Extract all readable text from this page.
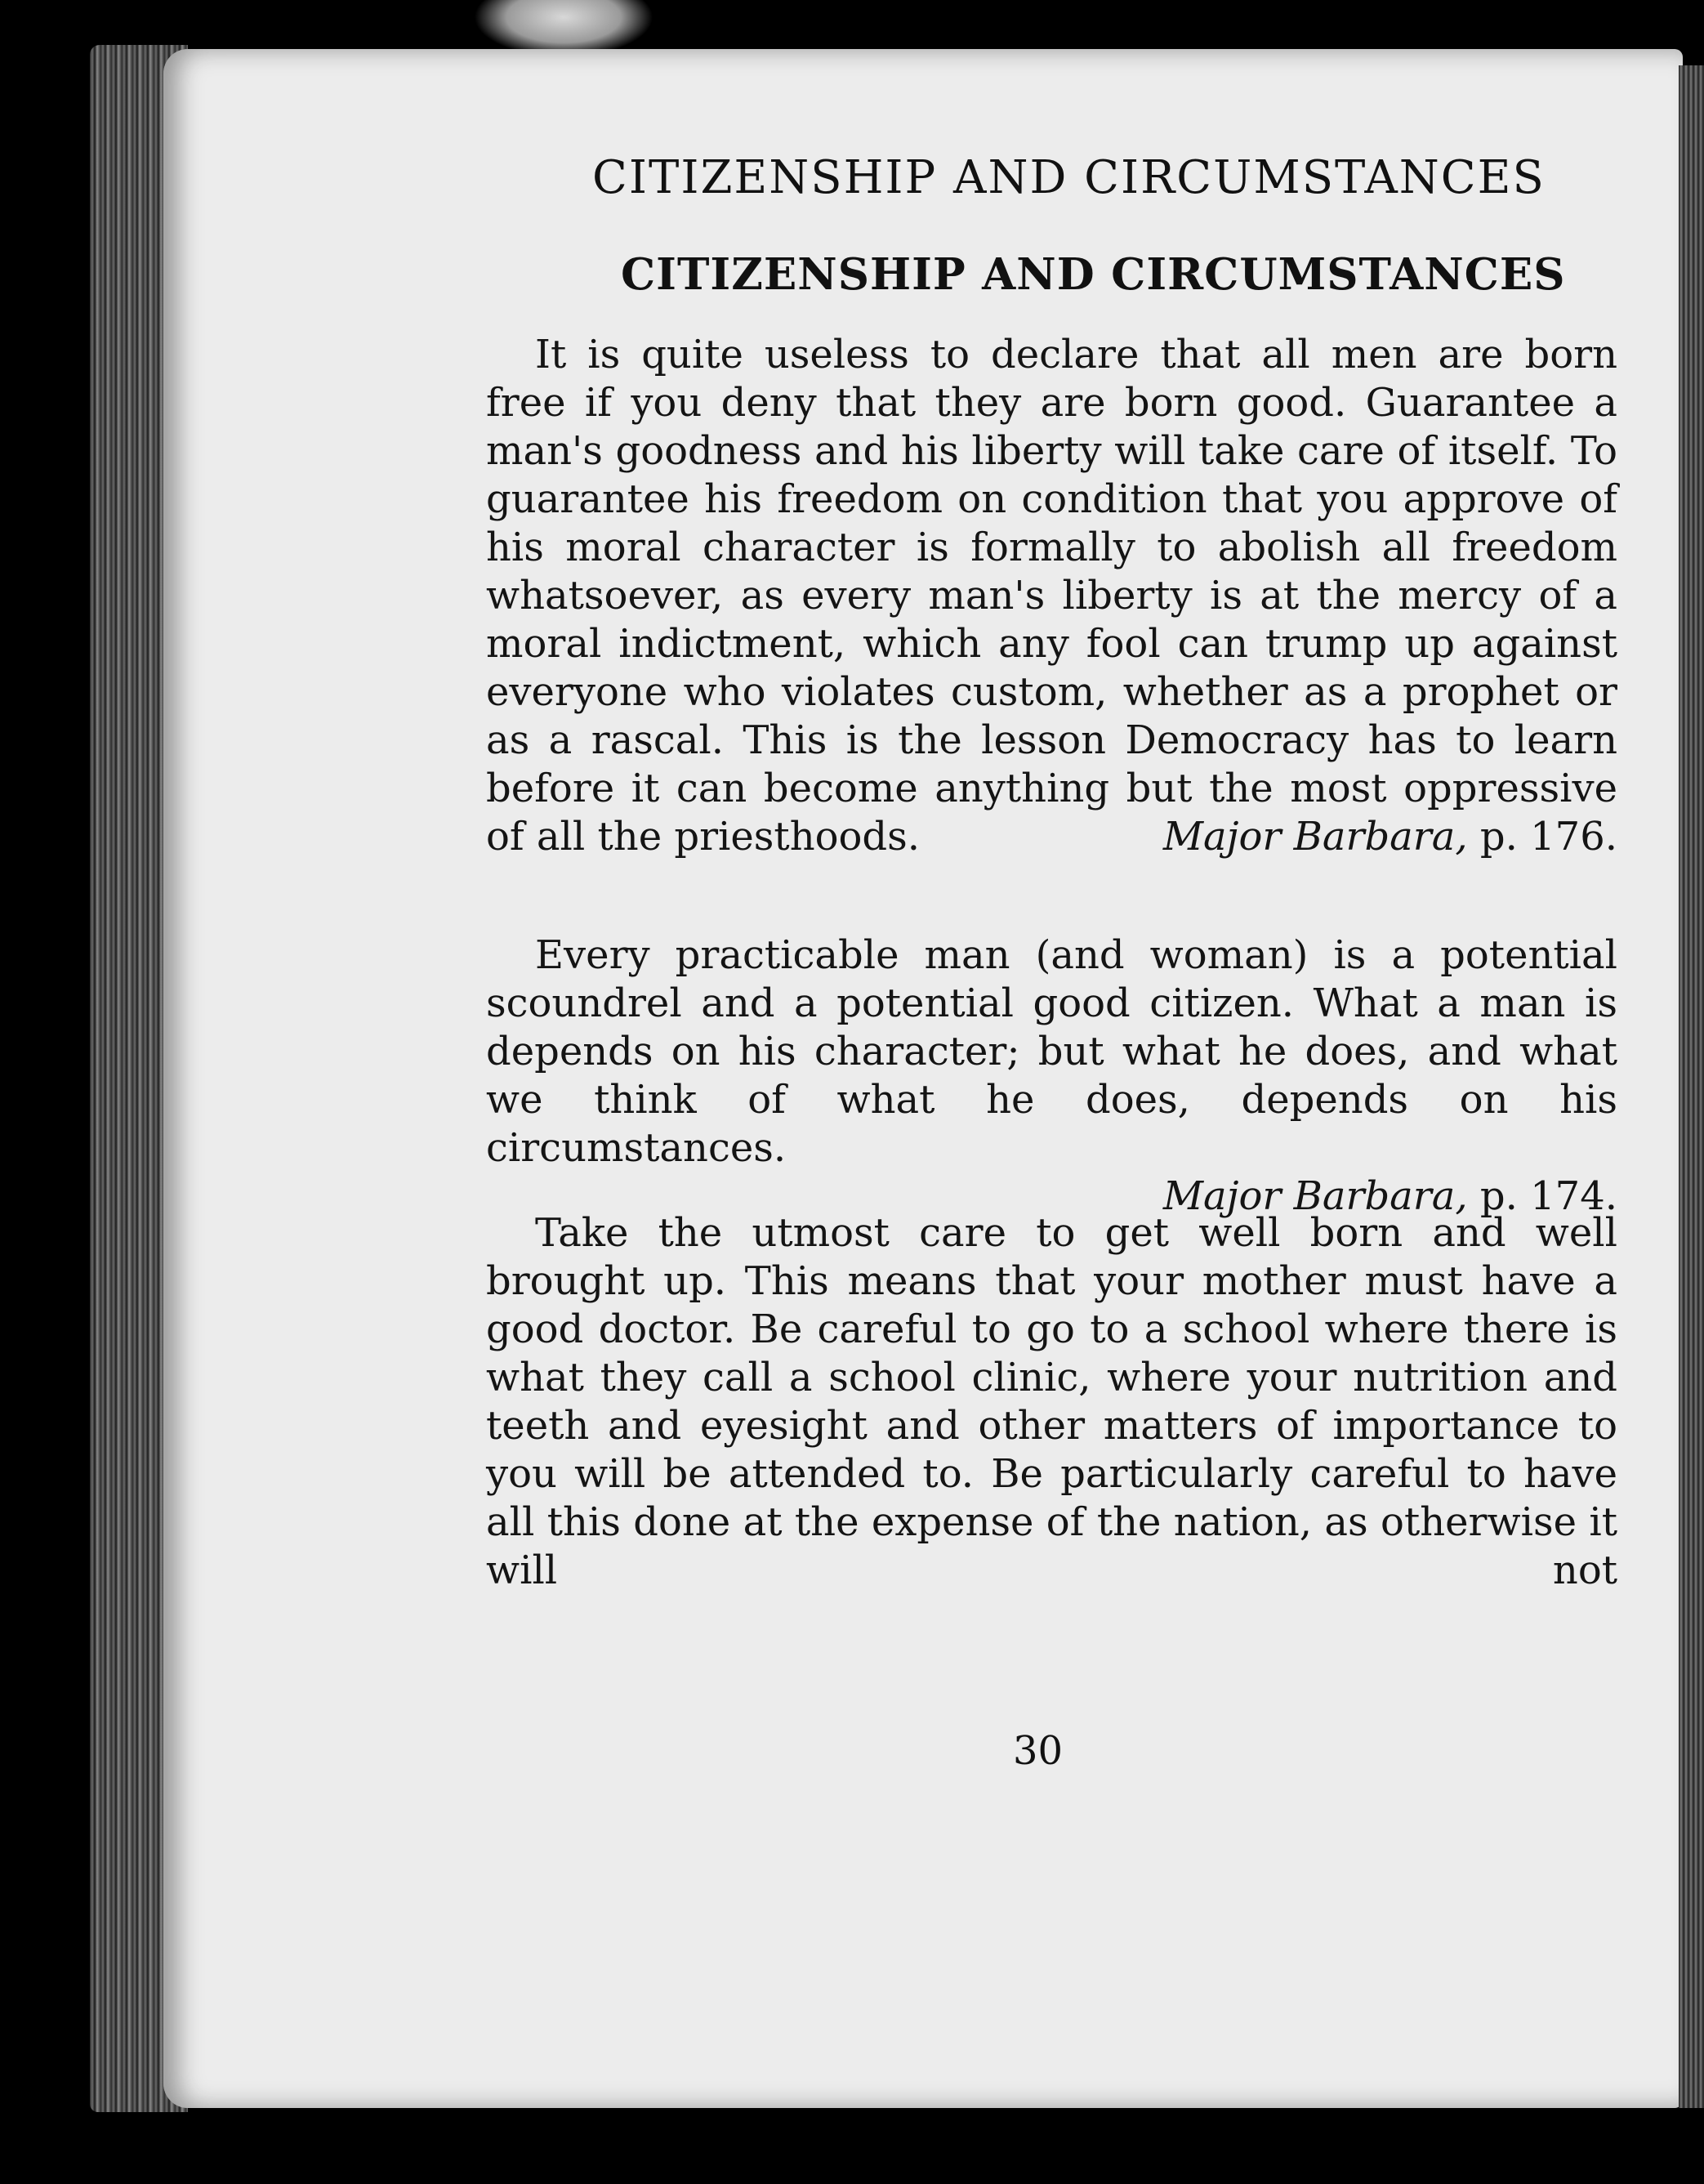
CITIZENSHIP AND CIRCUMSTANCES
CITIZENSHIP AND CIRCUMSTANCES

It is quite useless to declare that all men are born free if you deny that they are born good. Guarantee a man's goodness and his liberty will take care of itself. To guarantee his freedom on condition that you approve of his moral character is formally to abolish all freedom whatsoever, as every man's liberty is at the mercy of a moral indictment, which any fool can trump up against everyone who violates custom, whether as a prophet or as a rascal. This is the lesson Democracy has to learn before it can become anything but the most oppressive of all the priesthoods.	Major Barbara, p. 176.

Every practicable man (and woman) is a potential scoundrel and a potential good citizen. What a man is depends on his character; but what he does, and what we think of what he does, depends on his circumstances.

Major Barbara, p. 174.

Take the utmost care to get well born and well brought up. This means that your mother must have a good doctor. Be careful to go to a school where there is what they call a school clinic, where your nutrition and teeth and eyesight and other matters of importance to you will be attended to. Be particularly careful to have all this done at the expense of the nation, as otherwise it will not

30
